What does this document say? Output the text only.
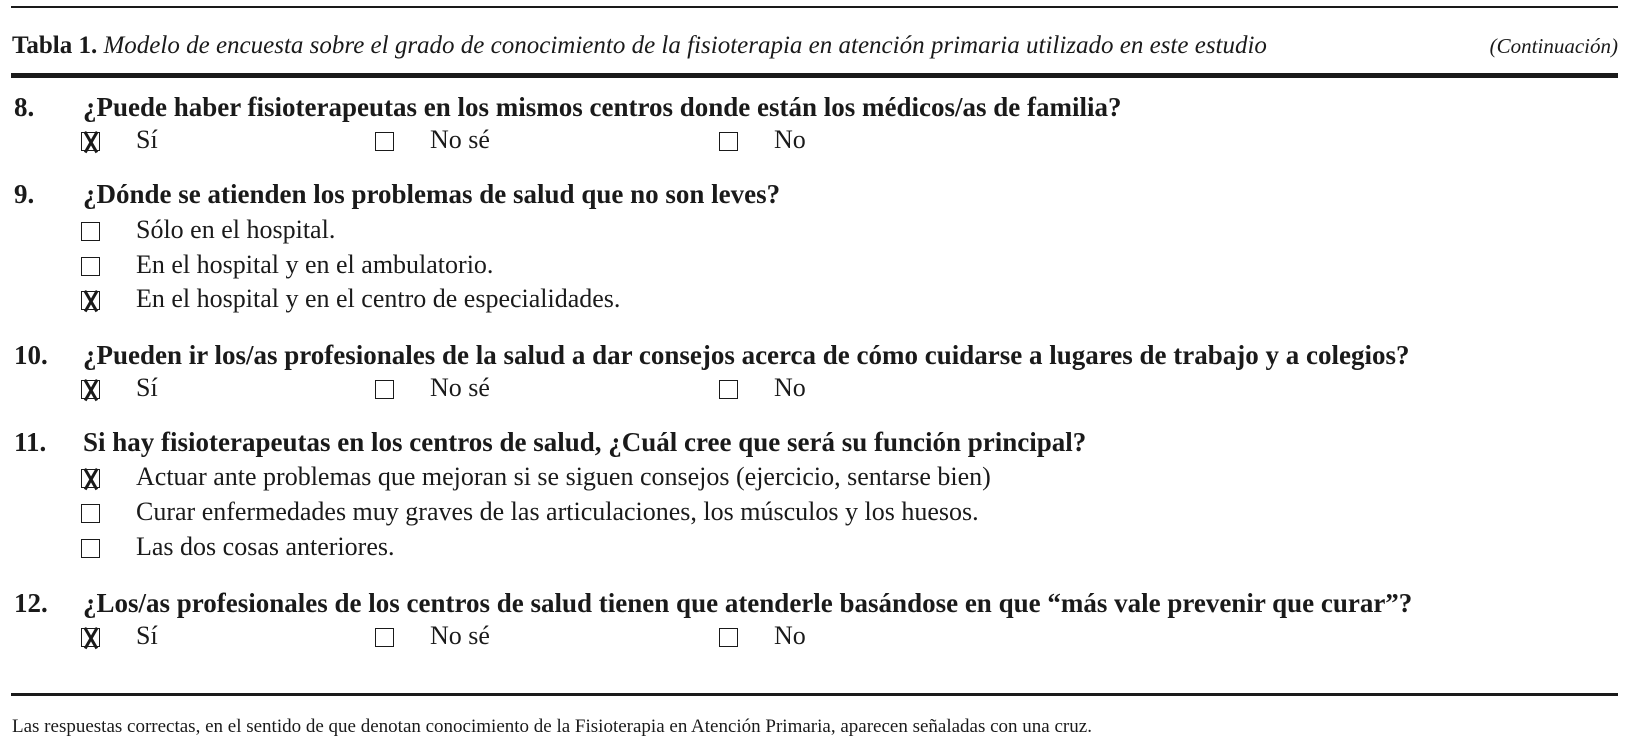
Tabla 1. Modelo de encuesta sobre el grado de conocimiento de la fisioterapia en atención primaria utilizado en este estudio	(Continuación)
8.	¿Puede haber fisioterapeutas en los mismos centros donde están los médicos/as de familia?
Sí	No sé	No
9.	¿Dónde se atienden los problemas de salud que no son leves?
Sólo en el hospital.
En el hospital y en el ambulatorio.
En el hospital y en el centro de especialidades.
10.	¿Pueden ir los/as profesionales de la salud a dar consejos acerca de cómo cuidarse a lugares de trabajo y a colegios?
Sí	No sé	No
11.	Si hay fisioterapeutas en los centros de salud, ¿Cuál cree que será su función principal?
Actuar ante problemas que mejoran si se siguen consejos (ejercicio, sentarse bien)
Curar enfermedades muy graves de las articulaciones, los músculos y los huesos.
Las dos cosas anteriores.
12.	¿Los/as profesionales de los centros de salud tienen que atenderle basándose en que “más vale prevenir que curar”?
Sí	No sé	No
Las respuestas correctas, en el sentido de que denotan conocimiento de la Fisioterapia en Atención Primaria, aparecen señaladas con una cruz.
